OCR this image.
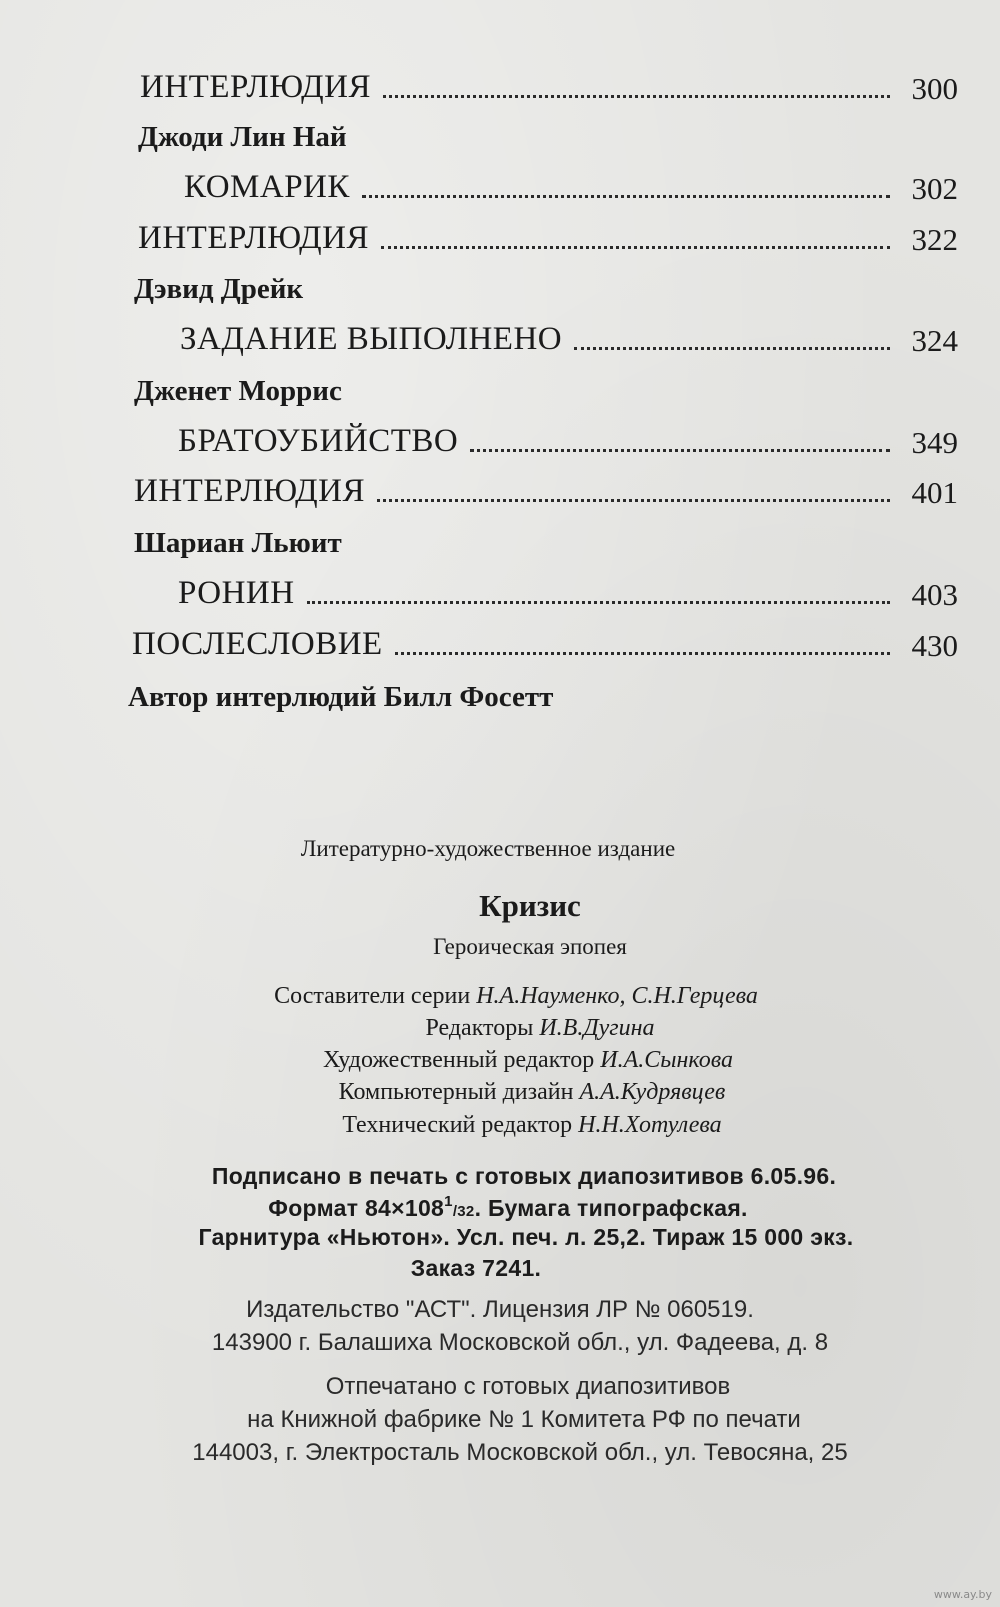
ИНТЕРЛЮДИЯ	300
Джоди Лин Най
КОМАРИК	302
ИНТЕРЛЮДИЯ	322
Дэвид Дрейк
ЗАДАНИЕ ВЫПОЛНЕНО	324
Дженет Моррис
БРАТОУБИЙСТВО	349
ИНТЕРЛЮДИЯ	401
Шариан Льюит
РОНИН	403
ПОСЛЕСЛОВИЕ	430
Автор интерлюдий Билл Фосетт
Литературно-художественное издание
Кризис
Героическая эпопея
Составители серии Н.А.Науменко, С.Н.Герцева
Редакторы И.В.Дугина
Художественный редактор И.А.Сынкова
Компьютерный дизайн А.А.Кудрявцев
Технический редактор Н.Н.Хотулева
Подписано в печать с готовых диапозитивов 6.05.96.
Формат $84\times 108^1/32$. Бумага типографская.
Гарнитура «Ньютон». Усл. печ. л. 25,2. Тираж 15 000 экз.
Заказ 7241.
Издательство "АСТ". Лицензия ЛР № 060519.
143900 г. Балашиха Московской обл., ул. Фадеева, д. 8
Отпечатано с готовых диапозитивов
на Книжной фабрике № 1 Комитета РФ по печати
144003, г. Электросталь Московской обл., ул. Тевосяна, 25
www.ay.by
